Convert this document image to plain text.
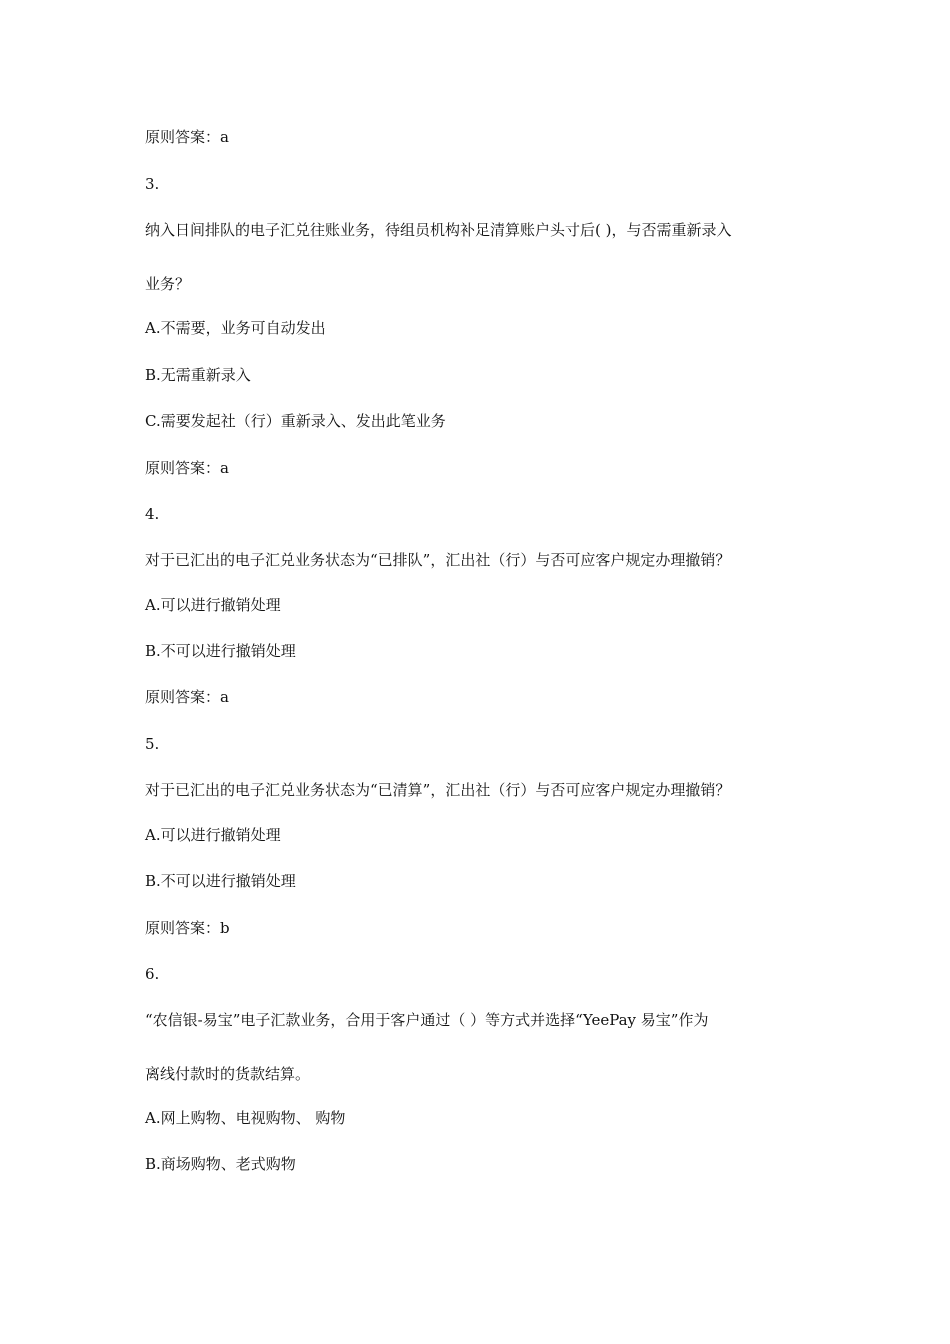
原则答案：a
3.
纳入日间排队的电子汇兑往账业务，待组员机构补足清算账户头寸后( )，与否需重新录入
业务？
A.不需要，业务可自动发出
B.无需重新录入
C.需要发起社（行）重新录入、发出此笔业务
原则答案：a
4.
对于已汇出的电子汇兑业务状态为“已排队”，汇出社（行）与否可应客户规定办理撤销？
A.可以进行撤销处理
B.不可以进行撤销处理
原则答案：a
5.
对于已汇出的电子汇兑业务状态为“已清算”，汇出社（行）与否可应客户规定办理撤销？
A.可以进行撤销处理
B.不可以进行撤销处理
原则答案：b
6.
“农信银-易宝”电子汇款业务，合用于客户通过（ ）等方式并选择“YeePay 易宝”作为
离线付款时的货款结算。
A.网上购物、电视购物、 购物
B.商场购物、老式购物
